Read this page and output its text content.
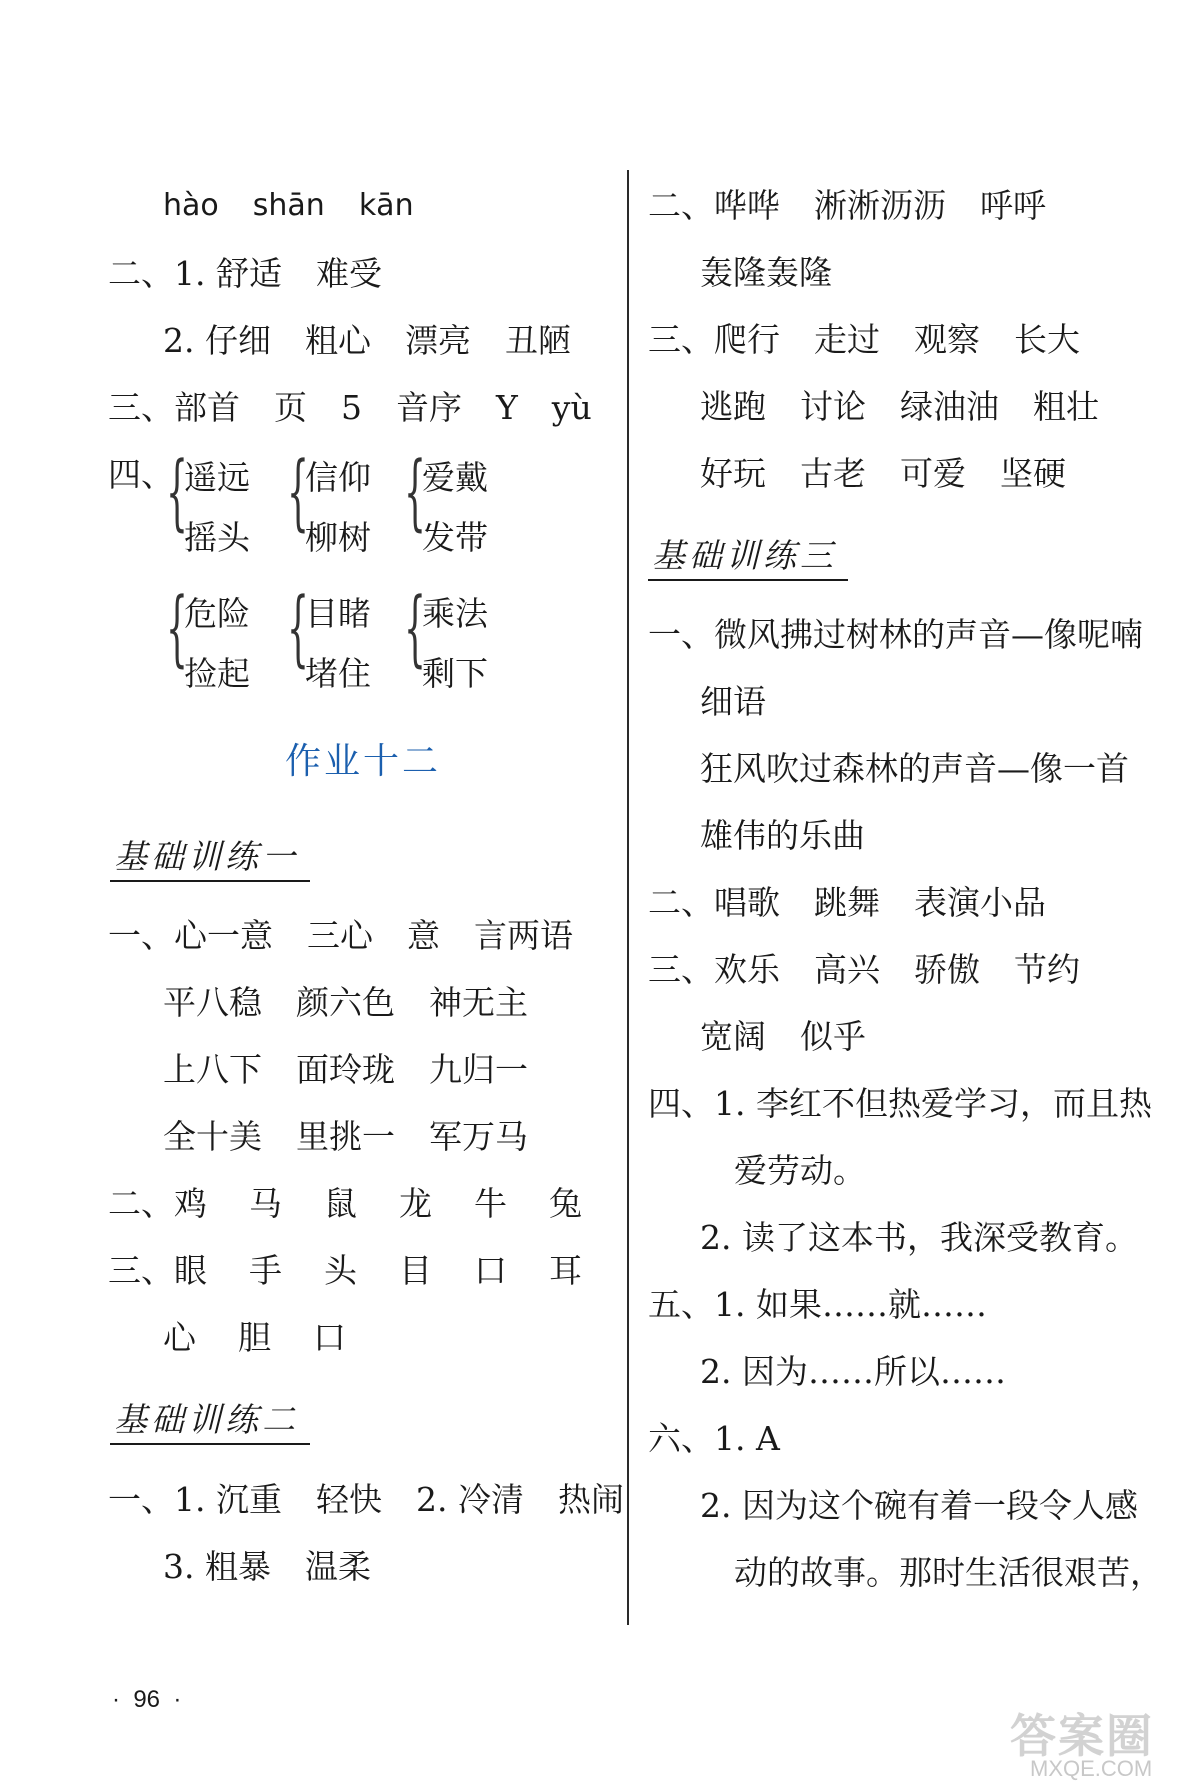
hào shān kān
二、1. 舒适 难受
2. 仔细 粗心 漂亮 丑陋
三、部首 页 5 音序 Y yù
四、
{
遥远
摇头 {
信仰
柳树 {
爱戴
发带
{
危险
捡起 {
目睹
堵住 {
乘法
剩下
作业十二
基础训练一
一、心一意 三心 意 言两语
平八稳 颜六色 神无主
上八下 面玲珑 九归一
全十美 里挑一 军万马
二、鸡 马 鼠 龙 牛 兔
三、眼 手 头 目 口 耳
心 胆 口
基础训练二
一、1. 沉重 轻快 2. 冷清 热闹
3. 粗暴 温柔
·  96  ·
二、哗哗 淅淅沥沥 呼呼
轰隆轰隆
三、爬行 走过 观察 长大
逃跑 讨论 绿油油 粗壮
好玩 古老 可爱 坚硬
基础训练三
一、微风拂过树林的声音—像呢喃
细语
狂风吹过森林的声音—像一首
雄伟的乐曲
二、唱歌 跳舞 表演小品
三、欢乐 高兴 骄傲 节约
宽阔 似乎
四、1. 李红不但热爱学习，而且热
爱劳动。
2. 读了这本书，我深受教育。
五、1. 如果……就……
2. 因为……所以……
六、1. A
2. 因为这个碗有着一段令人感
动的故事。那时生活很艰苦，
答案圈
MXQE.COM
